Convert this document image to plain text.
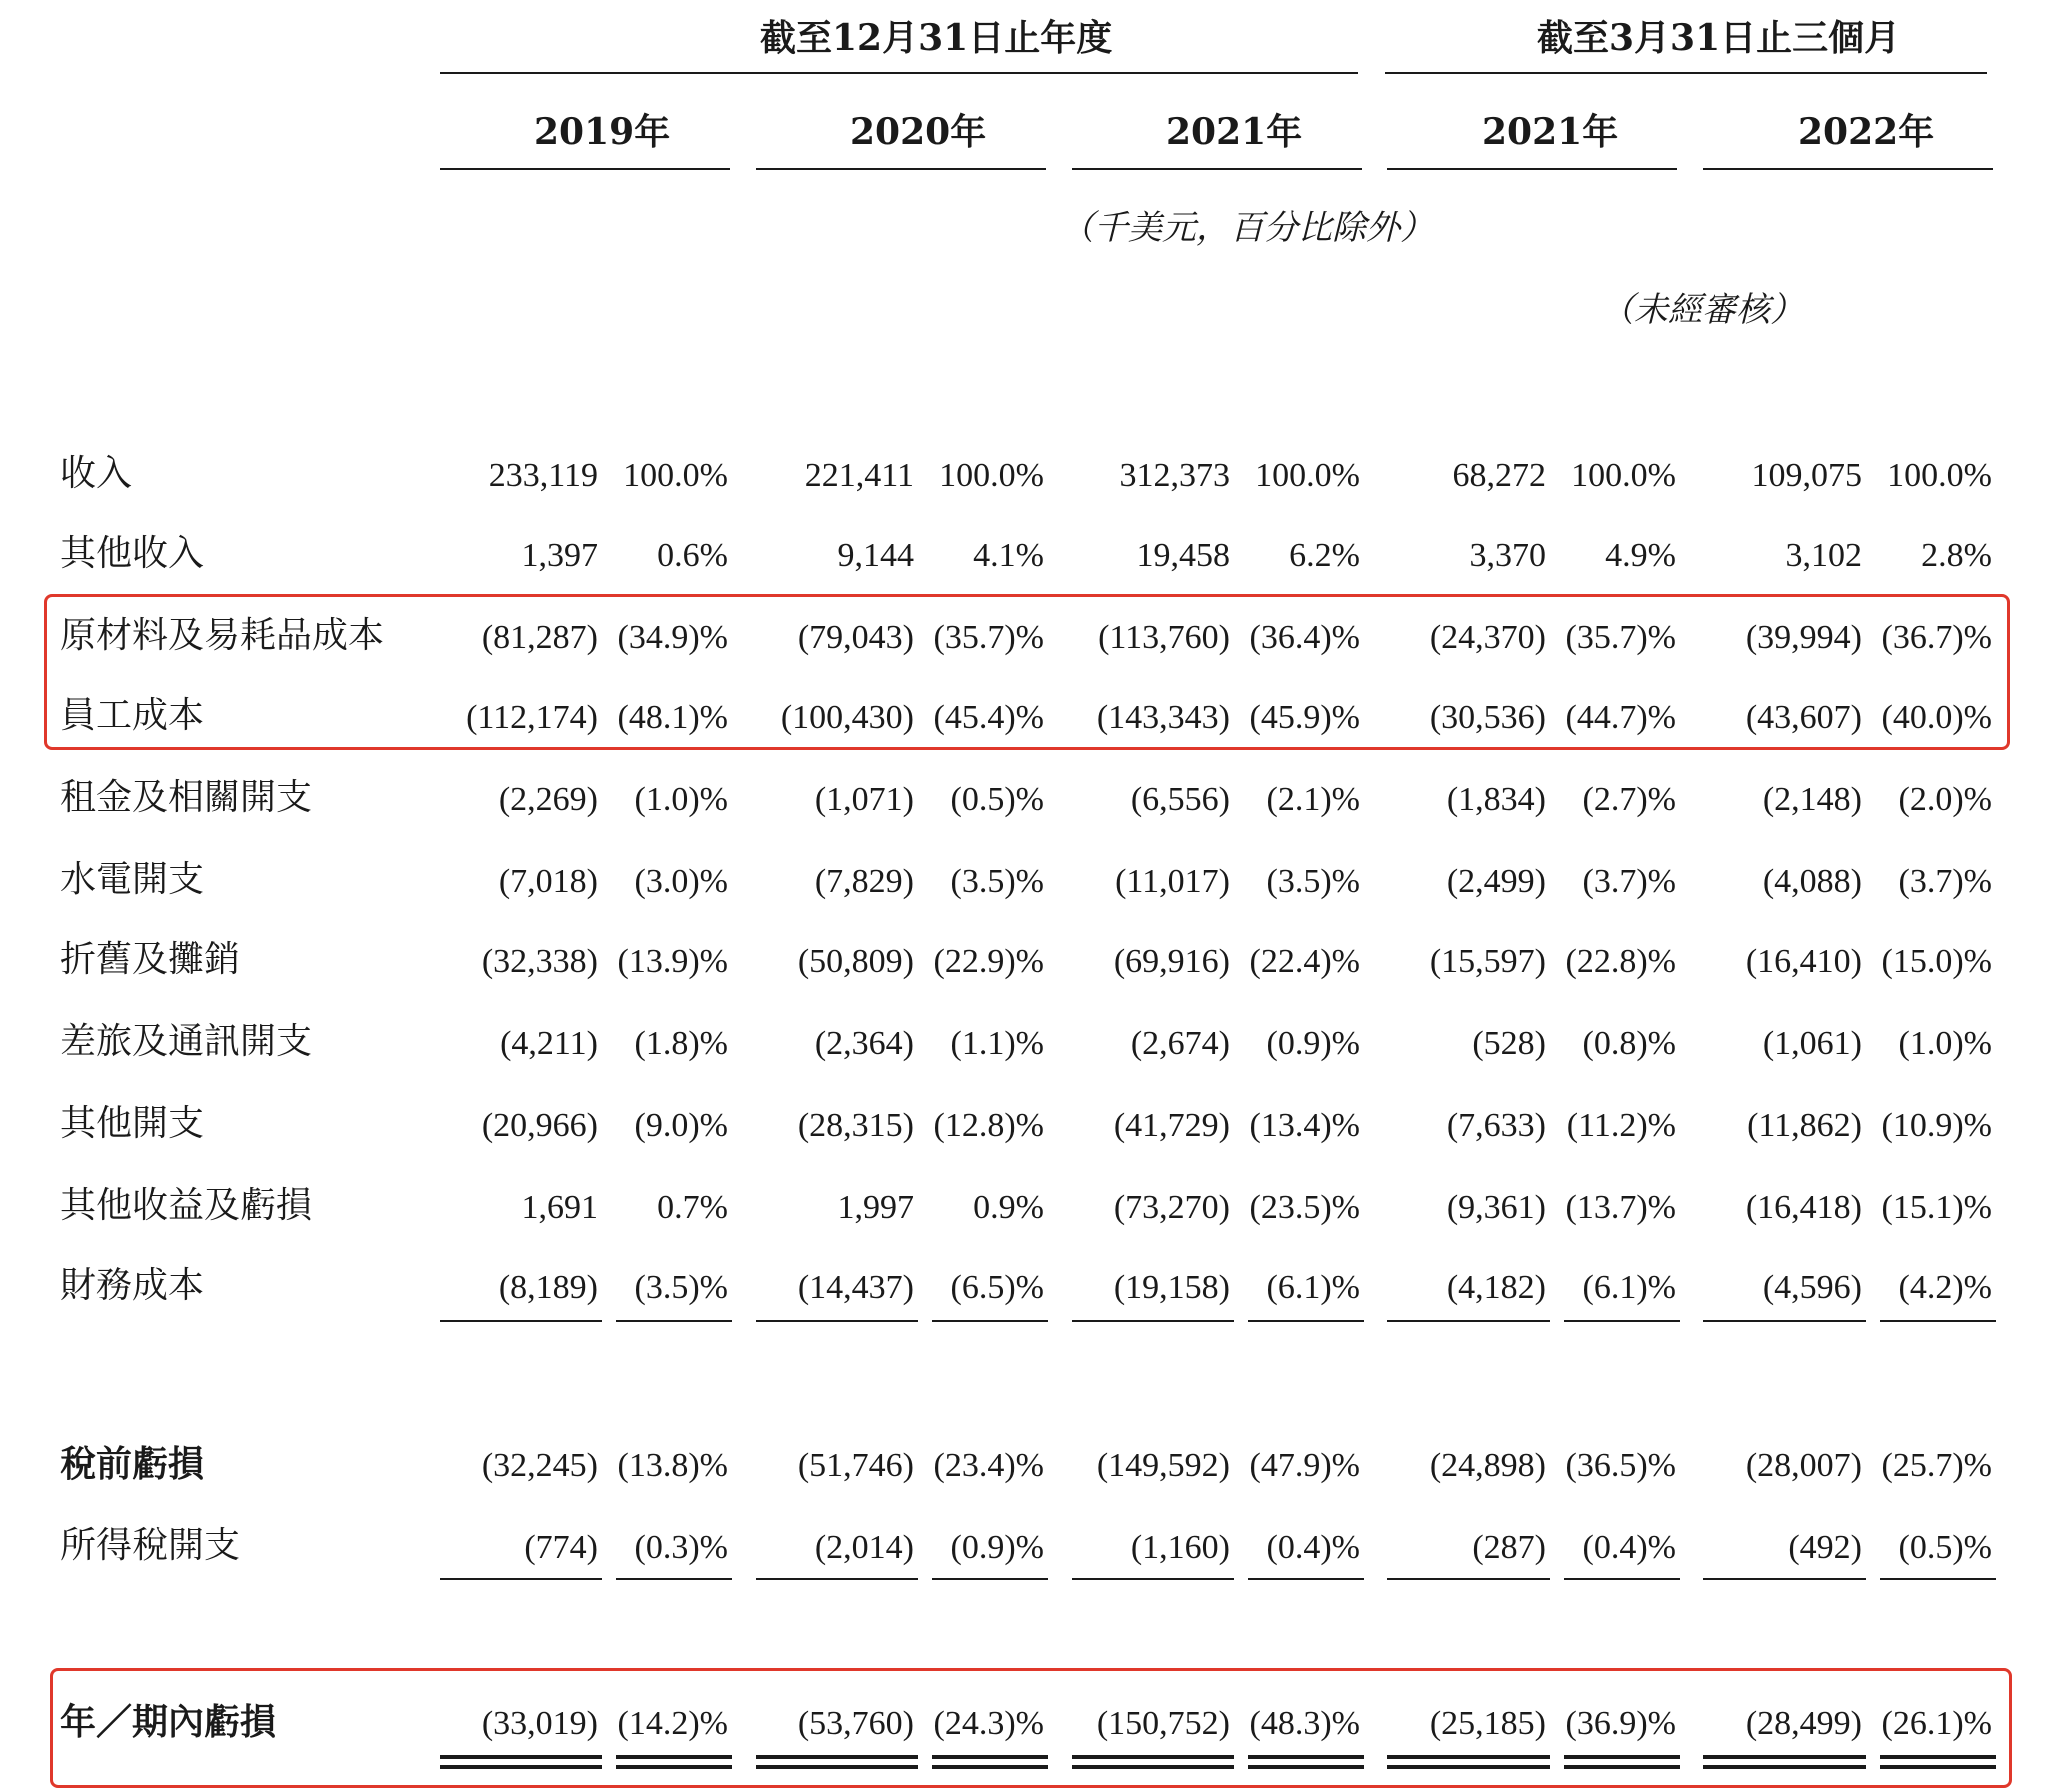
截至12月31日止年度	截至3月31日止三個月
2019年	2020年	2021年	2021年	2022年
（千美元，百分比除外）
（未經審核）
收入	233,119 100.0%	221,411 100.0%	312,373 100.0%	68,272 100.0%	109,075 100.0%
其他收入	1,397	0.6%	9,144	4.1%	19,458	6.2%	3,370	4.9%	3,102	2.8%
原材料及易耗品成本	(81,287) (34.9)%	(79,043) (35.7)%	(113,760) (36.4)%	(24,370) (35.7)%	(39,994) (36.7)%
員工成本	(112,174) (48.1)%	(100,430) (45.4)%	(143,343) (45.9)%	(30,536) (44.7)%	(43,607) (40.0)%
租金及相關開支	(2,269)	(1.0)%	(1,071)	(0.5)%	(6,556)	(2.1)%	(1,834)	(2.7)%	(2,148)	(2.0)%
水電開支	(7,018)	(3.0)%	(7,829)	(3.5)%	(11,017)	(3.5)%	(2,499)	(3.7)%	(4,088)	(3.7)%
折舊及攤銷	(32,338) (13.9)%	(50,809) (22.9)%	(69,916) (22.4)%	(15,597) (22.8)%	(16,410) (15.0)%
差旅及通訊開支	(4,211)	(1.8)%	(2,364)	(1.1)%	(2,674)	(0.9)%	(528)	(0.8)%	(1,061)	(1.0)%
其他開支	(20,966)	(9.0)%	(28,315) (12.8)%	(41,729) (13.4)%	(7,633) (11.2)%	(11,862) (10.9)%
其他收益及虧損	1,691	0.7%	1,997	0.9%	(73,270) (23.5)%	(9,361) (13.7)%	(16,418) (15.1)%
財務成本	(8,189)	(3.5)%	(14,437)	(6.5)%	(19,158)	(6.1)%	(4,182)	(6.1)%	(4,596)	(4.2)%
稅前虧損	(32,245) (13.8)%	(51,746) (23.4)%	(149,592) (47.9)%	(24,898) (36.5)%	(28,007) (25.7)%
所得稅開支	(774)	(0.3)%	(2,014)	(0.9)%	(1,160)	(0.4)%	(287)	(0.4)%	(492)	(0.5)%
年／期內虧損	(33,019) (14.2)%	(53,760) (24.3)%	(150,752) (48.3)%	(25,185) (36.9)%	(28,499) (26.1)%
